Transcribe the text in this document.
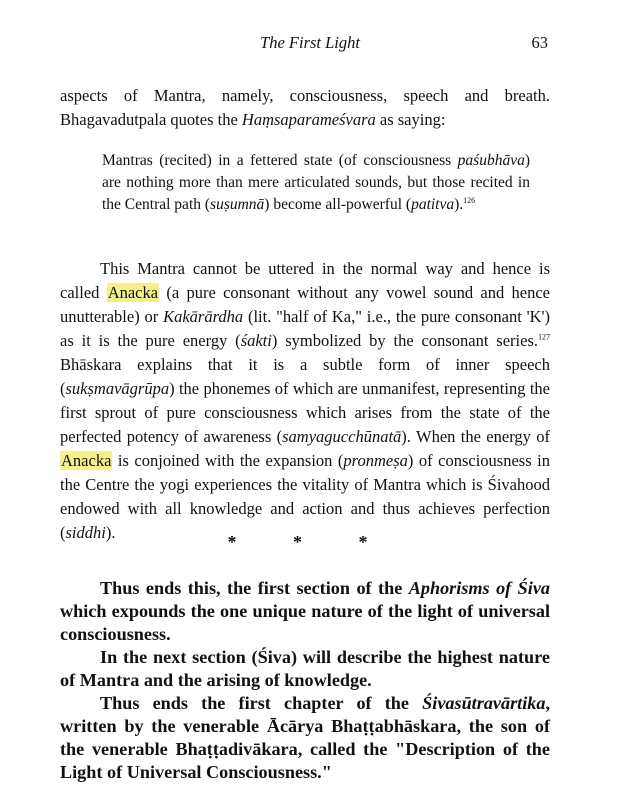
The First Light	63
aspects of Mantra, namely, consciousness, speech and breath. Bhagavadutpala quotes the Haṃsaparameśvara as saying:
Mantras (recited) in a fettered state (of consciousness paśubhāva) are nothing more than mere articulated sounds, but those recited in the Central path (suṣumnā) become all-powerful (patitva).$^{126}$
This Mantra cannot be uttered in the normal way and hence is called Anacka (a pure consonant without any vowel sound and hence unutterable) or Kakārārdha (lit. "half of Ka," i.e., the pure consonant 'K') as it is the pure energy (śakti) symbolized by the consonant series.$^{127}$ Bhāskara explains that it is a subtle form of inner speech (sukṣmavāgrūpa) the phonemes of which are unmanifest, representing the first sprout of pure consciousness which arises from the state of the perfected potency of awareness (samyagucchūnatā). When the energy of Anacka is conjoined with the expansion (pronmeṣa) of consciousness in the Centre the yogi experiences the vitality of Mantra which is Śivahood endowed with all knowledge and action and thus achieves perfection (siddhi).	* * *

Thus ends this, the first section of the Aphorisms of Śiva which expounds the one unique nature of the light of universal consciousness.

In the next section (Śiva) will describe the highest nature of Mantra and the arising of knowledge.

Thus ends the first chapter of the Śivasūtravārtika, written by the venerable Ācārya Bhaṭṭabhāskara, the son of the venerable Bhaṭṭadivākara, called the "Description of the Light of Universal Consciousness."
